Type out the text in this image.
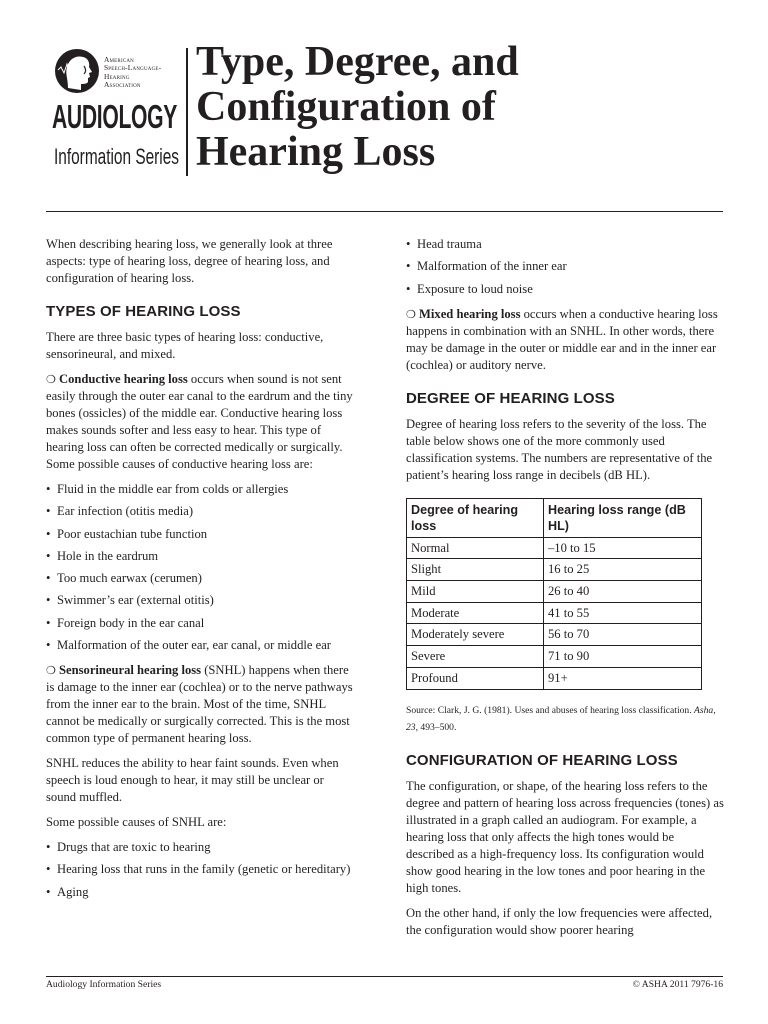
American
Speech-Language-
Hearing
Association
AUDIOLOGY
Information Series
Type, Degree, and
Configuration of
Hearing Loss

When describing hearing loss, we generally look at three aspects: type of hearing loss, degree of hearing loss, and configuration of hearing loss.

TYPES OF HEARING LOSS

There are three basic types of hearing loss: conductive, sensorineural, and mixed.

❍ Conductive hearing loss occurs when sound is not sent easily through the outer ear canal to the eardrum and the tiny bones (ossicles) of the middle ear. Conductive hearing loss makes sounds softer and less easy to hear. This type of hearing loss can often be corrected medically or surgically. Some possible causes of conductive hearing loss are:

• Fluid in the middle ear from colds or allergies
• Ear infection (otitis media)
• Poor eustachian tube function
• Hole in the eardrum
• Too much earwax (cerumen)
• Swimmer’s ear (external otitis)
• Foreign body in the ear canal
• Malformation of the outer ear, ear canal, or middle ear

❍ Sensorineural hearing loss (SNHL) happens when there is damage to the inner ear (cochlea) or to the nerve pathways from the inner ear to the brain. Most of the time, SNHL cannot be medically or surgically corrected. This is the most common type of permanent hearing loss.

SNHL reduces the ability to hear faint sounds. Even when speech is loud enough to hear, it may still be unclear or sound muffled.

Some possible causes of SNHL are:

• Drugs that are toxic to hearing
• Hearing loss that runs in the family (genetic or hereditary)
• Aging
• Head trauma
• Malformation of the inner ear
• Exposure to loud noise

❍ Mixed hearing loss occurs when a conductive hearing loss happens in combination with an SNHL. In other words, there may be damage in the outer or middle ear and in the inner ear (cochlea) or auditory nerve.

DEGREE OF HEARING LOSS

Degree of hearing loss refers to the severity of the loss. The table below shows one of the more commonly used classification systems. The numbers are representative of the patient’s hearing loss range in decibels (dB HL).

Degree of hearing loss	Hearing loss range (dB HL)
Normal	–10 to 15
Slight	16 to 25
Mild	26 to 40
Moderate	41 to 55
Moderately severe	56 to 70
Severe	71 to 90
Profound	91+

Source: Clark, J. G. (1981). Uses and abuses of hearing loss classification. Asha, 23, 493–500.

CONFIGURATION OF HEARING LOSS

The configuration, or shape, of the hearing loss refers to the degree and pattern of hearing loss across frequencies (tones) as illustrated in a graph called an audiogram. For example, a hearing loss that only affects the high tones would be described as a high-frequency loss. Its configuration would show good hearing in the low tones and poor hearing in the high tones.

On the other hand, if only the low frequencies were affected, the configuration would show poorer hearing

Audiology Information Series	© ASHA 2011 7976-16
